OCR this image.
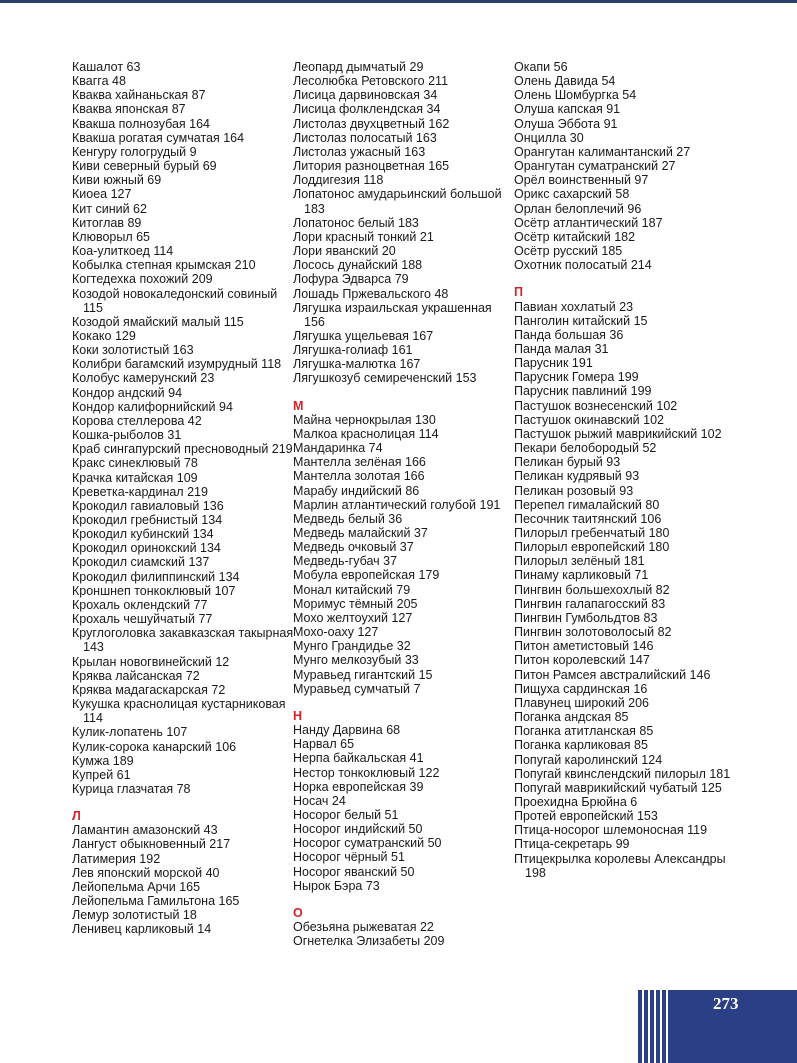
Кашалот 63
Квагга 48
Кваква хайнаньская 87
Кваква японская 87
Квакша полнозубая 164
Квакша рогатая сумчатая 164
Кенгуру гологрудый 9
Киви северный бурый 69
Киви южный 69
Киоеа 127
Кит синий 62
Китоглав 89
Клюворыл 65
Коа-улиткоед 114
Кобылка степная крымская 210
Когтедехка похожий 209
Козодой новокаледонский совиный 115
Козодой ямайский малый 115
Кокако 129
Коки золотистый 163
Колибри багамский изумрудный 118
Колобус камерунский 23
Кондор андский 94
Кондор калифорнийский 94
Корова стеллерова 42
Кошка-рыболов 31
Краб сингапурский пресноводный 219
Кракс синеклювый 78
Крачка китайская 109
Креветка-кардинал 219
Крокодил гавиаловый 136
Крокодил гребнистый 134
Крокодил кубинский 134
Крокодил оринокский 134
Крокодил сиамский 137
Крокодил филиппинский 134
Кроншнеп тонкоклювый 107
Крохаль оклендский 77
Крохаль чешуйчатый 77
Круглоголовка закавказская такырная 143
Крылан новогвинейский 12
Кряква лайсанская 72
Кряква мадагаскарская 72
Кукушка краснолицая кустарниковая 114
Кулик-лопатень 107
Кулик-сорока канарский 106
Кумжа 189
Купрей 61
Курица глазчатая 78
Л
Ламантин амазонский 43
Лангуст обыкновенный 217
Латимерия 192
Лев японский морской 40
Лейопельма Арчи 165
Лейопельма Гамильтона 165
Лемур золотистый 18
Ленивец карликовый 14
Леопард дымчатый 29
Лесолюбка Ретовского 211
Лисица дарвиновская 34
Лисица фолклендская 34
Листолаз двухцветный 162
Листолаз полосатый 163
Листолаз ужасный 163
Литория разноцветная 165
Лоддигезия 118
Лопатонос амударьинский большой 183
Лопатонос белый 183
Лори красный тонкий 21
Лори яванский 20
Лосось дунайский 188
Лофура Эдварса 79
Лошадь Пржевальского 48
Лягушка израильская украшенная 156
Лягушка ущельевая 167
Лягушка-голиаф 161
Лягушка-малютка 167
Лягушкозуб семиреченский 153
М
Майна чернокрылая 130
Малкоа краснолицая 114
Мандаринка 74
Мантелла зелёная 166
Мантелла золотая 166
Марабу индийский 86
Марлин атлантический голубой 191
Медведь белый 36
Медведь малайский 37
Медведь очковый 37
Медведь-губач 37
Мобула европейская 179
Монал китайский 79
Моримус тёмный 205
Мохо желтоухий 127
Мохо-оаху 127
Мунго Грандидье 32
Мунго мелкозубый 33
Муравьед гигантский 15
Муравьед сумчатый 7
Н
Нанду Дарвина 68
Нарвал 65
Нерпа байкальская 41
Нестор тонкоклювый 122
Норка европейская 39
Носач 24
Носорог белый 51
Носорог индийский 50
Носорог суматранский 50
Носорог чёрный 51
Носорог яванский 50
Нырок Бэра 73
О
Обезьяна рыжеватая 22
Огнетелка Элизабеты 209
Окапи 56
Олень Давида 54
Олень Шомбургка 54
Олуша капская 91
Олуша Эббота 91
Онцилла 30
Орангутан калимантанский 27
Орангутан суматранский 27
Орёл воинственный 97
Орикс сахарский 58
Орлан белоплечий 96
Осётр атлантический 187
Осётр китайский 182
Осётр русский 185
Охотник полосатый 214
П
Павиан хохлатый 23
Панголин китайский 15
Панда большая 36
Панда малая 31
Парусник 191
Парусник Гомера 199
Парусник павлиний 199
Пастушок вознесенский 102
Пастушок окинавский 102
Пастушок рыжий маврикийский 102
Пекари белобородый 52
Пеликан бурый 93
Пеликан кудрявый 93
Пеликан розовый 93
Перепел гималайский 80
Песочник таитянский 106
Пилорыл гребенчатый 180
Пилорыл европейский 180
Пилорыл зелёный 181
Пинаму карликовый 71
Пингвин большехохлый 82
Пингвин галапагосский 83
Пингвин Гумбольдтов 83
Пингвин золотоволосый 82
Питон аметистовый 146
Питон королевский 147
Питон Рамсея австралийский 146
Пищуха сардинская 16
Плавунец широкий 206
Поганка андская 85
Поганка атитланская 85
Поганка карликовая 85
Попугай каролинский 124
Попугай квинслендский пилорыл 181
Попугай маврикийский чубатый 125
Проехидна Брюйна 6
Протей европейский 153
Птица-носорог шлемоносная 119
Птица-секретарь 99
Птицекрылка королевы Александры 198
273
